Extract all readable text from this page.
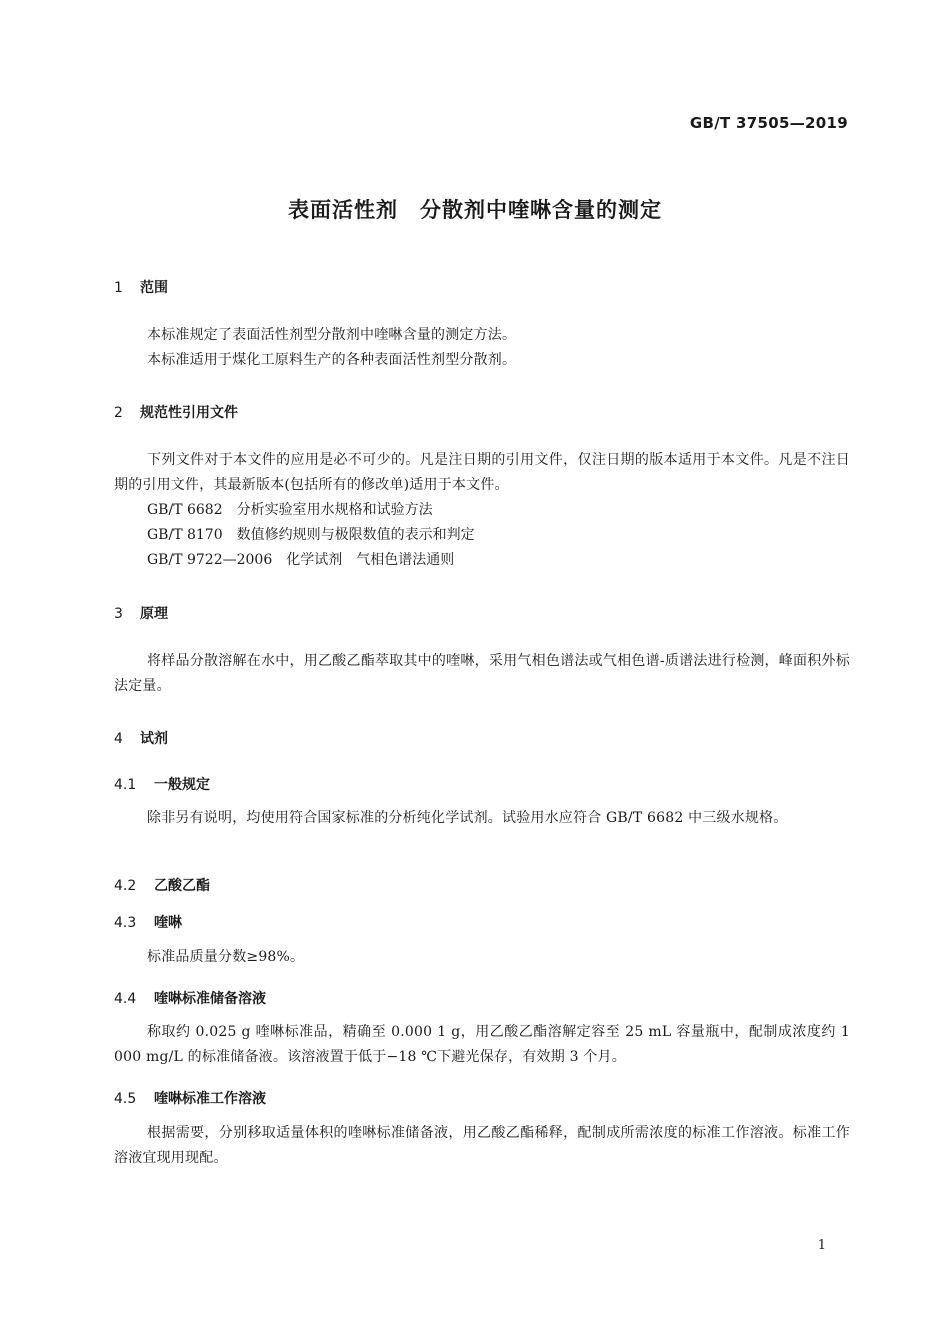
GB/T 37505—2019
表面活性剂　分散剂中喹啉含量的测定
1 范围
本标准规定了表面活性剂型分散剂中喹啉含量的测定方法。
本标准适用于煤化工原料生产的各种表面活性剂型分散剂。
2 规范性引用文件
下列文件对于本文件的应用是必不可少的。凡是注日期的引用文件，仅注日期的版本适用于本文件。凡是不注日期的引用文件，其最新版本(包括所有的修改单)适用于本文件。
GB/T 6682　分析实验室用水规格和试验方法
GB/T 8170　数值修约规则与极限数值的表示和判定
GB/T 9722—2006　化学试剂　气相色谱法通则
3 原理
将样品分散溶解在水中，用乙酸乙酯萃取其中的喹啉，采用气相色谱法或气相色谱-质谱法进行检测，峰面积外标法定量。
4 试剂
4.1 一般规定
除非另有说明，均使用符合国家标准的分析纯化学试剂。试验用水应符合 GB/T 6682 中三级水规格。
4.2 乙酸乙酯
4.3 喹啉
标准品质量分数≥98%。
4.4 喹啉标准储备溶液
称取约 0.025 g 喹啉标准品，精确至 0.000 1 g，用乙酸乙酯溶解定容至 25 mL 容量瓶中，配制成浓度约 1 000 mg/L 的标准储备液。该溶液置于低于−18 ℃下避光保存，有效期 3 个月。
4.5 喹啉标准工作溶液
根据需要，分别移取适量体积的喹啉标准储备液，用乙酸乙酯稀释，配制成所需浓度的标准工作溶液。标准工作溶液宜现用现配。
1
